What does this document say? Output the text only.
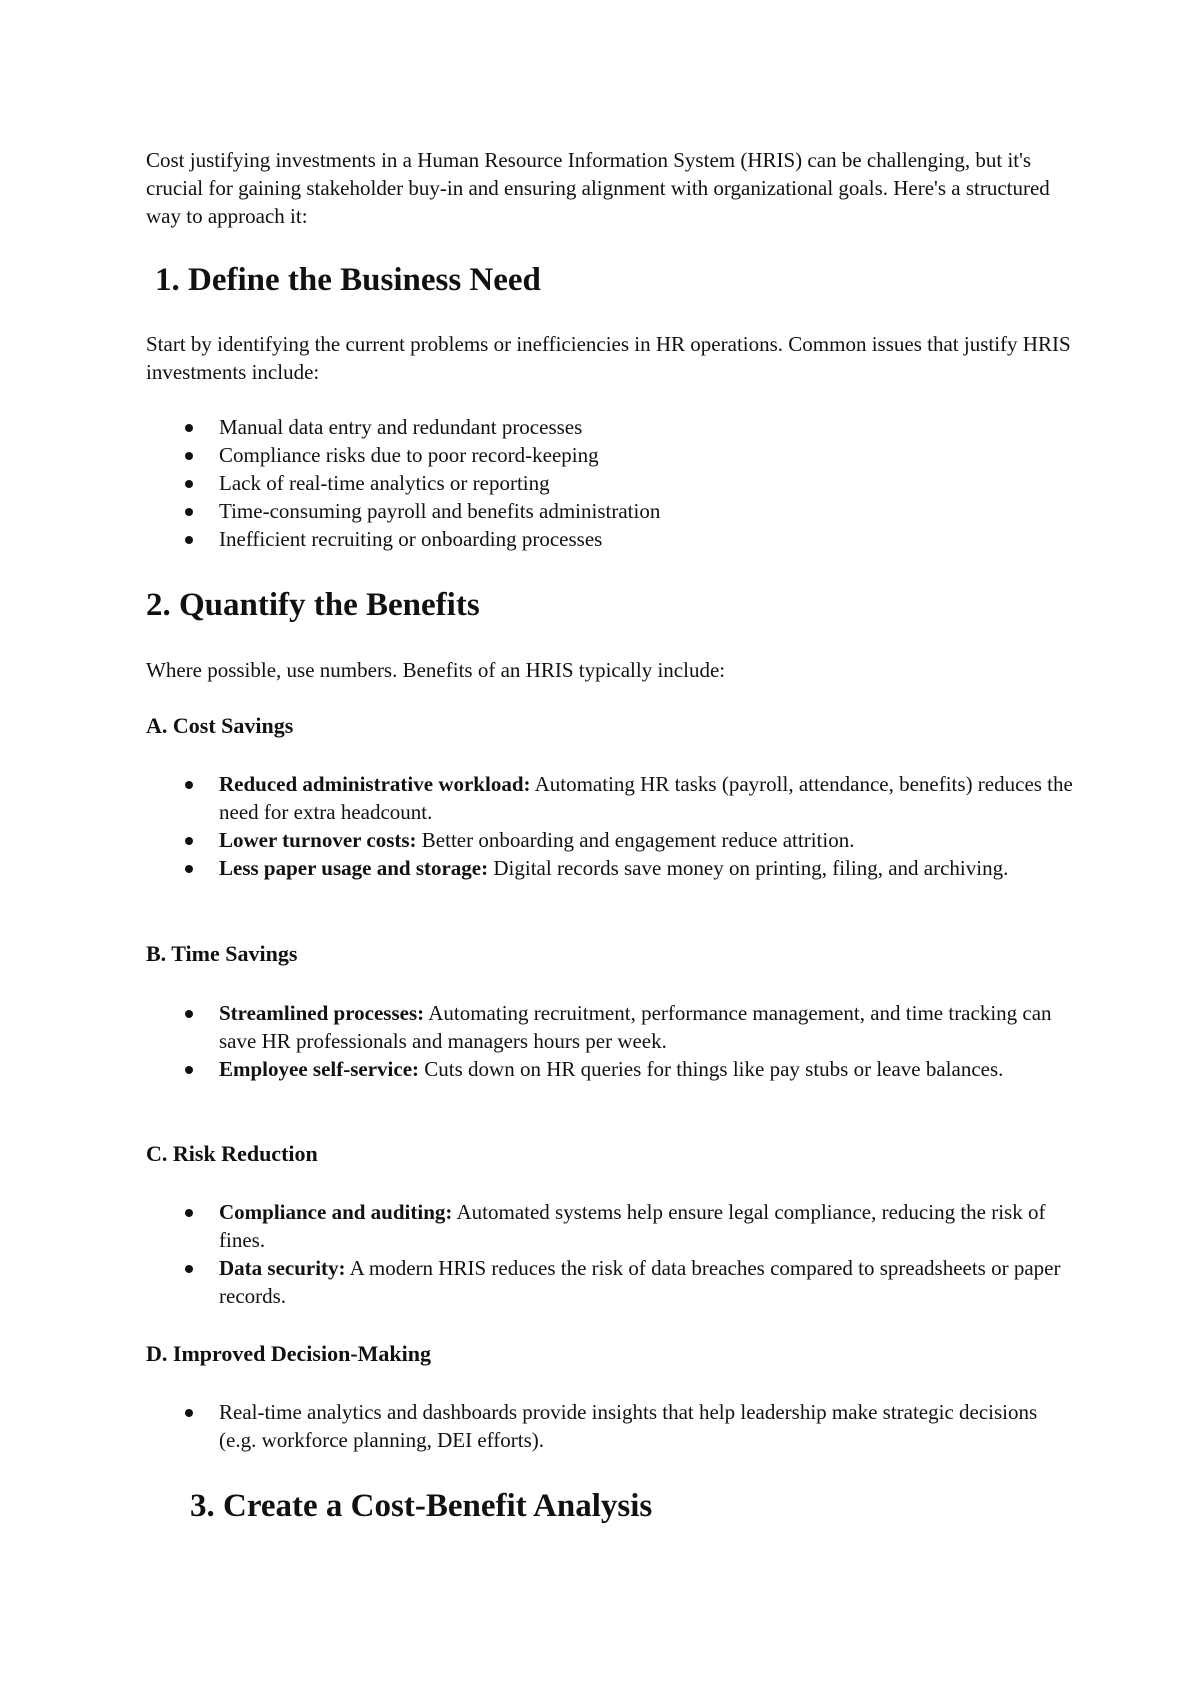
Cost justifying investments in a Human Resource Information System (HRIS) can be challenging, but it's crucial for gaining stakeholder buy-in and ensuring alignment with organizational goals. Here's a structured way to approach it:

1. Define the Business Need

Start by identifying the current problems or inefficiencies in HR operations. Common issues that justify HRIS investments include:

Manual data entry and redundant processes
Compliance risks due to poor record-keeping
Lack of real-time analytics or reporting
Time-consuming payroll and benefits administration
Inefficient recruiting or onboarding processes
2. Quantify the Benefits

Where possible, use numbers. Benefits of an HRIS typically include:

A. Cost Savings
Reduced administrative workload: Automating HR tasks (payroll, attendance, benefits) reduces the need for extra headcount.
Lower turnover costs: Better onboarding and engagement reduce attrition.
Less paper usage and storage: Digital records save money on printing, filing, and archiving.
B. Time Savings
Streamlined processes: Automating recruitment, performance management, and time tracking can save HR professionals and managers hours per week.
Employee self-service: Cuts down on HR queries for things like pay stubs or leave balances.
C. Risk Reduction
Compliance and auditing: Automated systems help ensure legal compliance, reducing the risk of fines.
Data security: A modern HRIS reduces the risk of data breaches compared to spreadsheets or paper records.
D. Improved Decision-Making
Real-time analytics and dashboards provide insights that help leadership make strategic decisions (e.g. workforce planning, DEI efforts).
3. Create a Cost-Benefit Analysis
